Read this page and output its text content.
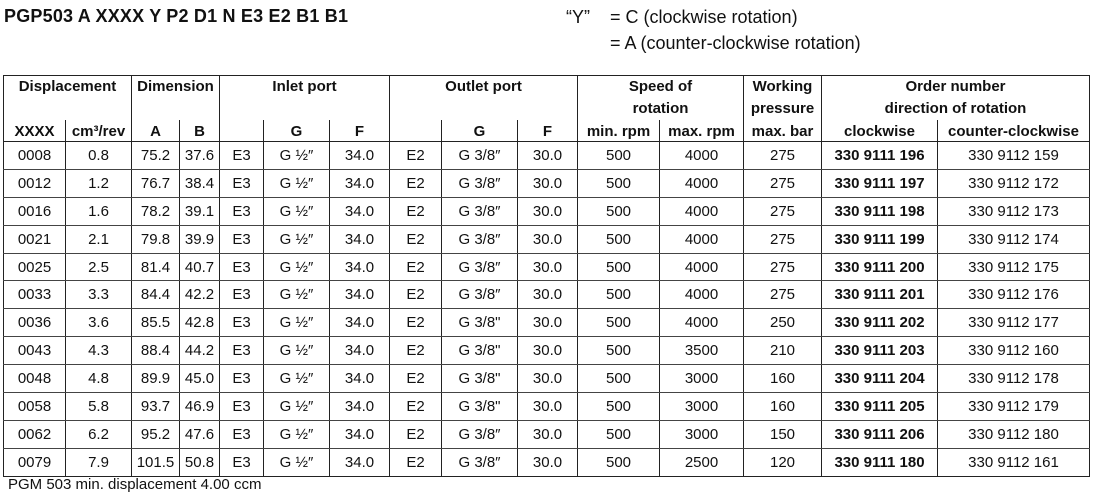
PGP503 A XXXX Y P2 D1 N E3 E2 B1 B1	“Y” = C (clockwise rotation)
= A (counter-clockwise rotation)
Displacement		Dimension		Inlet port			Outlet port			Speed of		Working	Order number	
										rotation		pressure	direction of rotation	
XXXX	cm³/rev	A	B		G	F		G	F	min. rpm	max. rpm	max. bar	clockwise	counter-clockwise
0008	0.8	75.2	37.6	E3	G ½″	34.0	E2	G 3/8″	30.0	500	4000	275	330 9111 196	330 9112 159
0012	1.2	76.7	38.4	E3	G ½″	34.0	E2	G 3/8″	30.0	500	4000	275	330 9111 197	330 9112 172
0016	1.6	78.2	39.1	E3	G ½″	34.0	E2	G 3/8″	30.0	500	4000	275	330 9111 198	330 9112 173
0021	2.1	79.8	39.9	E3	G ½″	34.0	E2	G 3/8″	30.0	500	4000	275	330 9111 199	330 9112 174
0025	2.5	81.4	40.7	E3	G ½″	34.0	E2	G 3/8″	30.0	500	4000	275	330 9111 200	330 9112 175
0033	3.3	84.4	42.2	E3	G ½″	34.0	E2	G 3/8″	30.0	500	4000	275	330 9111 201	330 9112 176
0036	3.6	85.5	42.8	E3	G ½″	34.0	E2	G 3/8"	30.0	500	4000	250	330 9111 202	330 9112 177
0043	4.3	88.4	44.2	E3	G ½″	34.0	E2	G 3/8"	30.0	500	3500	210	330 9111 203	330 9112 160
0048	4.8	89.9	45.0	E3	G ½″	34.0	E2	G 3/8"	30.0	500	3000	160	330 9111 204	330 9112 178
0058	5.8	93.7	46.9	E3	G ½″	34.0	E2	G 3/8"	30.0	500	3000	160	330 9111 205	330 9112 179
0062	6.2	95.2	47.6	E3	G ½″	34.0	E2	G 3/8″	30.0	500	3000	150	330 9111 206	330 9112 180
0079	7.9	101.5	50.8	E3	G ½″	34.0	E2	G 3/8″	30.0	500	2500	120	330 9111 180	330 9112 161
PGM 503 min. displacement 4.00 ccm
